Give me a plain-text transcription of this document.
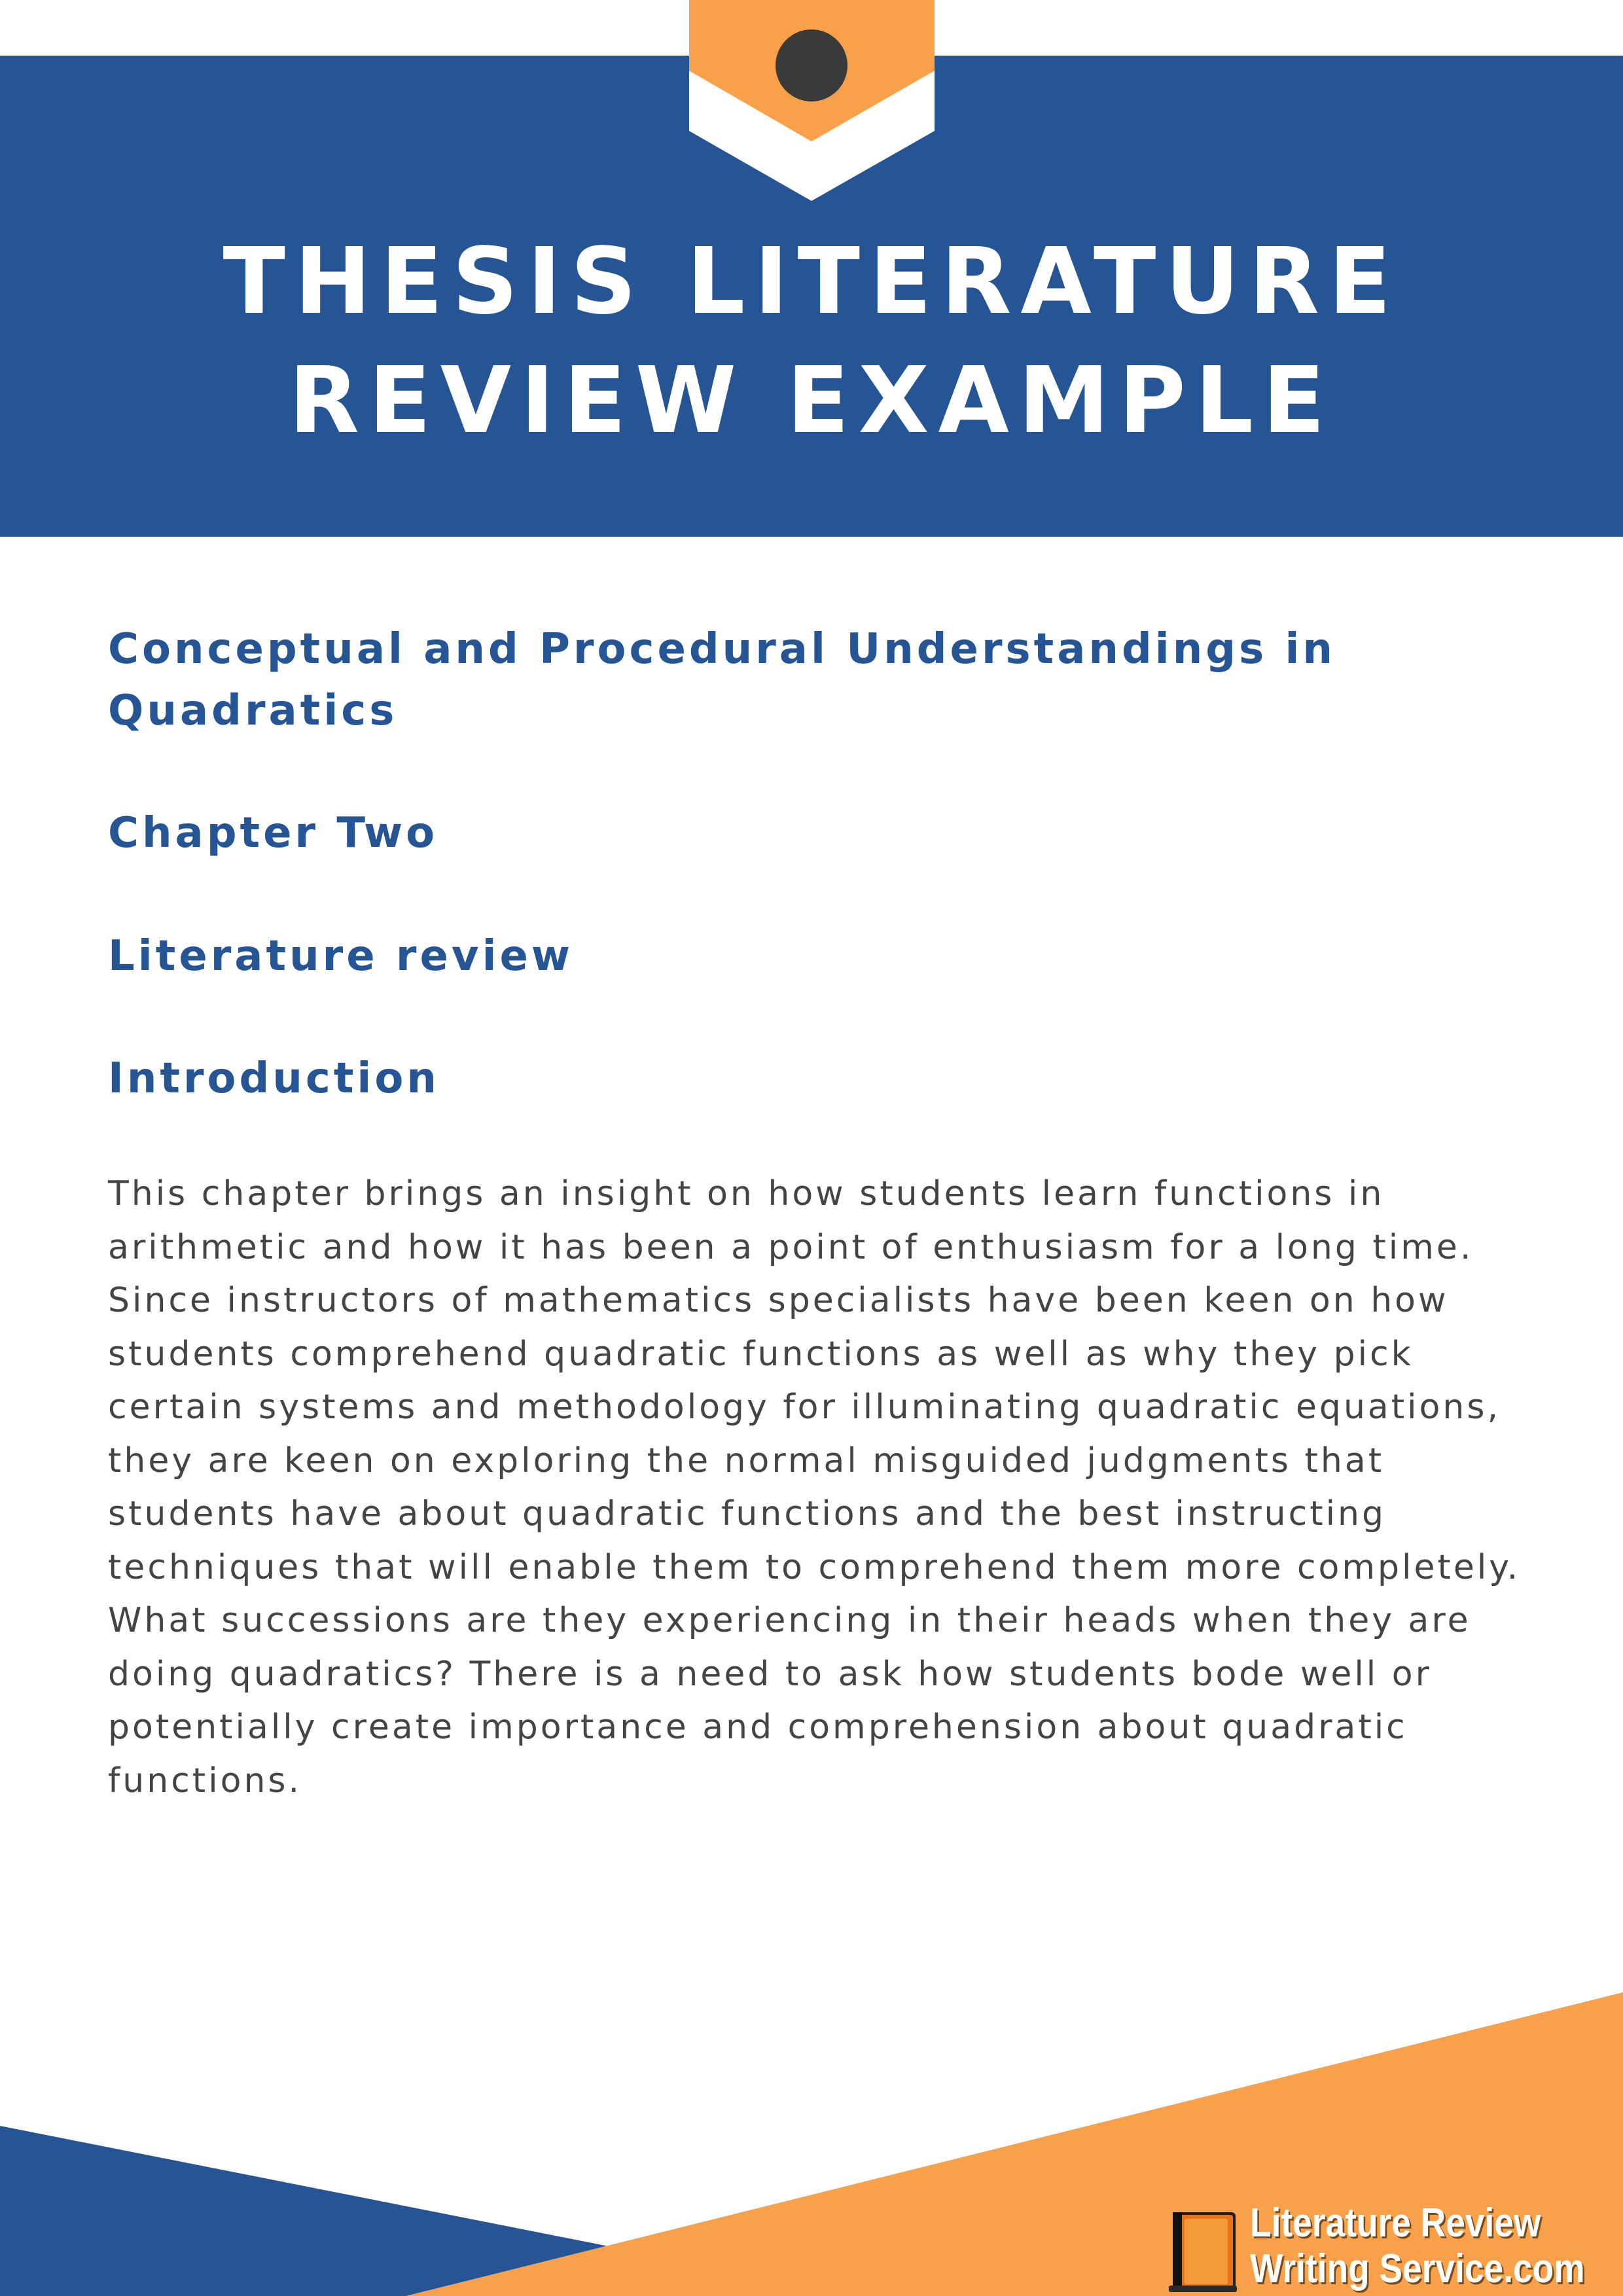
THESIS LITERATURE
REVIEW EXAMPLE
Conceptual and Procedural Understandings in
Quadratics
Chapter Two
Literature review
Introduction
This chapter brings an insight on how students learn functions in
arithmetic and how it has been a point of enthusiasm for a long time.
Since instructors of mathematics specialists have been keen on how
students comprehend quadratic functions as well as why they pick
certain systems and methodology for illuminating quadratic equations,
they are keen on exploring the normal misguided judgments that
students have about quadratic functions and the best instructing
techniques that will enable them to comprehend them more completely.
What successions are they experiencing in their heads when they are
doing quadratics? There is a need to ask how students bode well or
potentially create importance and comprehension about quadratic
functions.
Literature Review
Writing Service.com
